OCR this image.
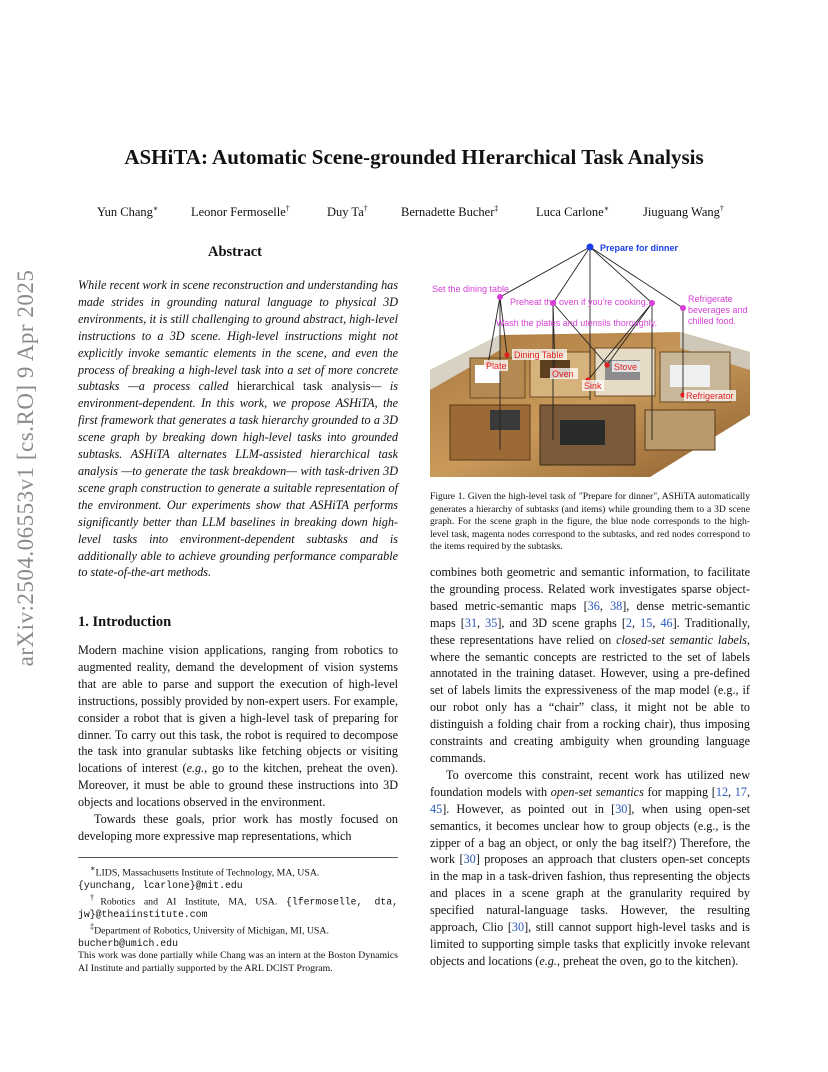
arXiv:2504.06553v1 [cs.RO] 9 Apr 2025
ASHiTA: Automatic Scene-grounded HIerarchical Task Analysis
Yun Chang∗	Leonor Fermoselle†	Duy Ta†	Bernadette Bucher‡	Luca Carlone∗	Jiuguang Wang†
Abstract

While recent work in scene reconstruction and understanding has made strides in grounding natural language to physical 3D environments, it is still challenging to ground abstract, high-level instructions to a 3D scene. High-level instructions might not explicitly invoke semantic elements in the scene, and even the process of breaking a high-level task into a set of more concrete subtasks —a process called hierarchical task analysis— is environment-dependent. In this work, we propose ASHiTA, the first framework that generates a task hierarchy grounded to a 3D scene graph by breaking down high-level tasks into grounded subtasks. ASHiTA alternates LLM-assisted hierarchical task analysis —to generate the task breakdown— with task-driven 3D scene graph construction to generate a suitable representation of the environment. Our experiments show that ASHiTA performs significantly better than LLM baselines in breaking down high-level tasks into environment-dependent subtasks and is additionally able to achieve grounding performance comparable to state-of-the-art methods.

1. Introduction

Modern machine vision applications, ranging from robotics to augmented reality, demand the development of vision systems that are able to parse and support the execution of high-level instructions, possibly provided by non-expert users. For example, consider a robot that is given a high-level task of preparing for dinner. To carry out this task, the robot is required to decompose the task into granular subtasks like fetching objects or visiting locations of interest (e.g., go to the kitchen, preheat the oven). Moreover, it must be able to ground these instructions into 3D objects and locations observed in the environment.

Towards these goals, prior work has mostly focused on developing more expressive map representations, which

∗LIDS, Massachusetts Institute of Technology, MA, USA.
{yunchang, lcarlone}@mit.edu

†Robotics and AI Institute, MA, USA. {lfermoselle, dta, jw}@theaiinstitute.com

‡Department of Robotics, University of Michigan, MI, USA.
bucherb@umich.edu

This work was done partially while Chang was an intern at the Boston Dynamics AI Institute and partially supported by the ARL DCIST Program.

Prepare for dinner
Set the dining table
Preheat the oven if you're cooking.
Wash the plates and utensils thoroughly.
Refrigerate beverages and chilled food.
Dining Table
Plate
Oven
Stove
Sink
Refrigerator
Figure 1. Given the high-level task of "Prepare for dinner", ASHiTA automatically generates a hierarchy of subtasks (and items) while grounding them to a 3D scene graph. For the scene graph in the figure, the blue node corresponds to the high-level task, magenta nodes correspond to the subtasks, and red nodes correspond to the items required by the subtasks.

combines both geometric and semantic information, to facilitate the grounding process. Related work investigates sparse object-based metric-semantic maps [36, 38], dense metric-semantic maps [31, 35], and 3D scene graphs [2, 15, 46]. Traditionally, these representations have relied on closed-set semantic labels, where the semantic concepts are restricted to the set of labels annotated in the training dataset. However, using a pre-defined set of labels limits the expressiveness of the map model (e.g., if our robot only has a “chair” class, it might not be able to distinguish a folding chair from a rocking chair), thus imposing constraints and creating ambiguity when grounding language commands.

To overcome this constraint, recent work has utilized new foundation models with open-set semantics for mapping [12, 17, 45]. However, as pointed out in [30], when using open-set semantics, it becomes unclear how to group objects (e.g., is the zipper of a bag an object, or only the bag itself?) Therefore, the work [30] proposes an approach that clusters open-set concepts in the map in a task-driven fashion, thus representing the objects and places in a scene graph at the granularity required by specified natural-language tasks. However, the resulting approach, Clio [30], still cannot support high-level tasks and is limited to supporting simple tasks that explicitly invoke relevant objects and locations (e.g., preheat the oven, go to the kitchen).
